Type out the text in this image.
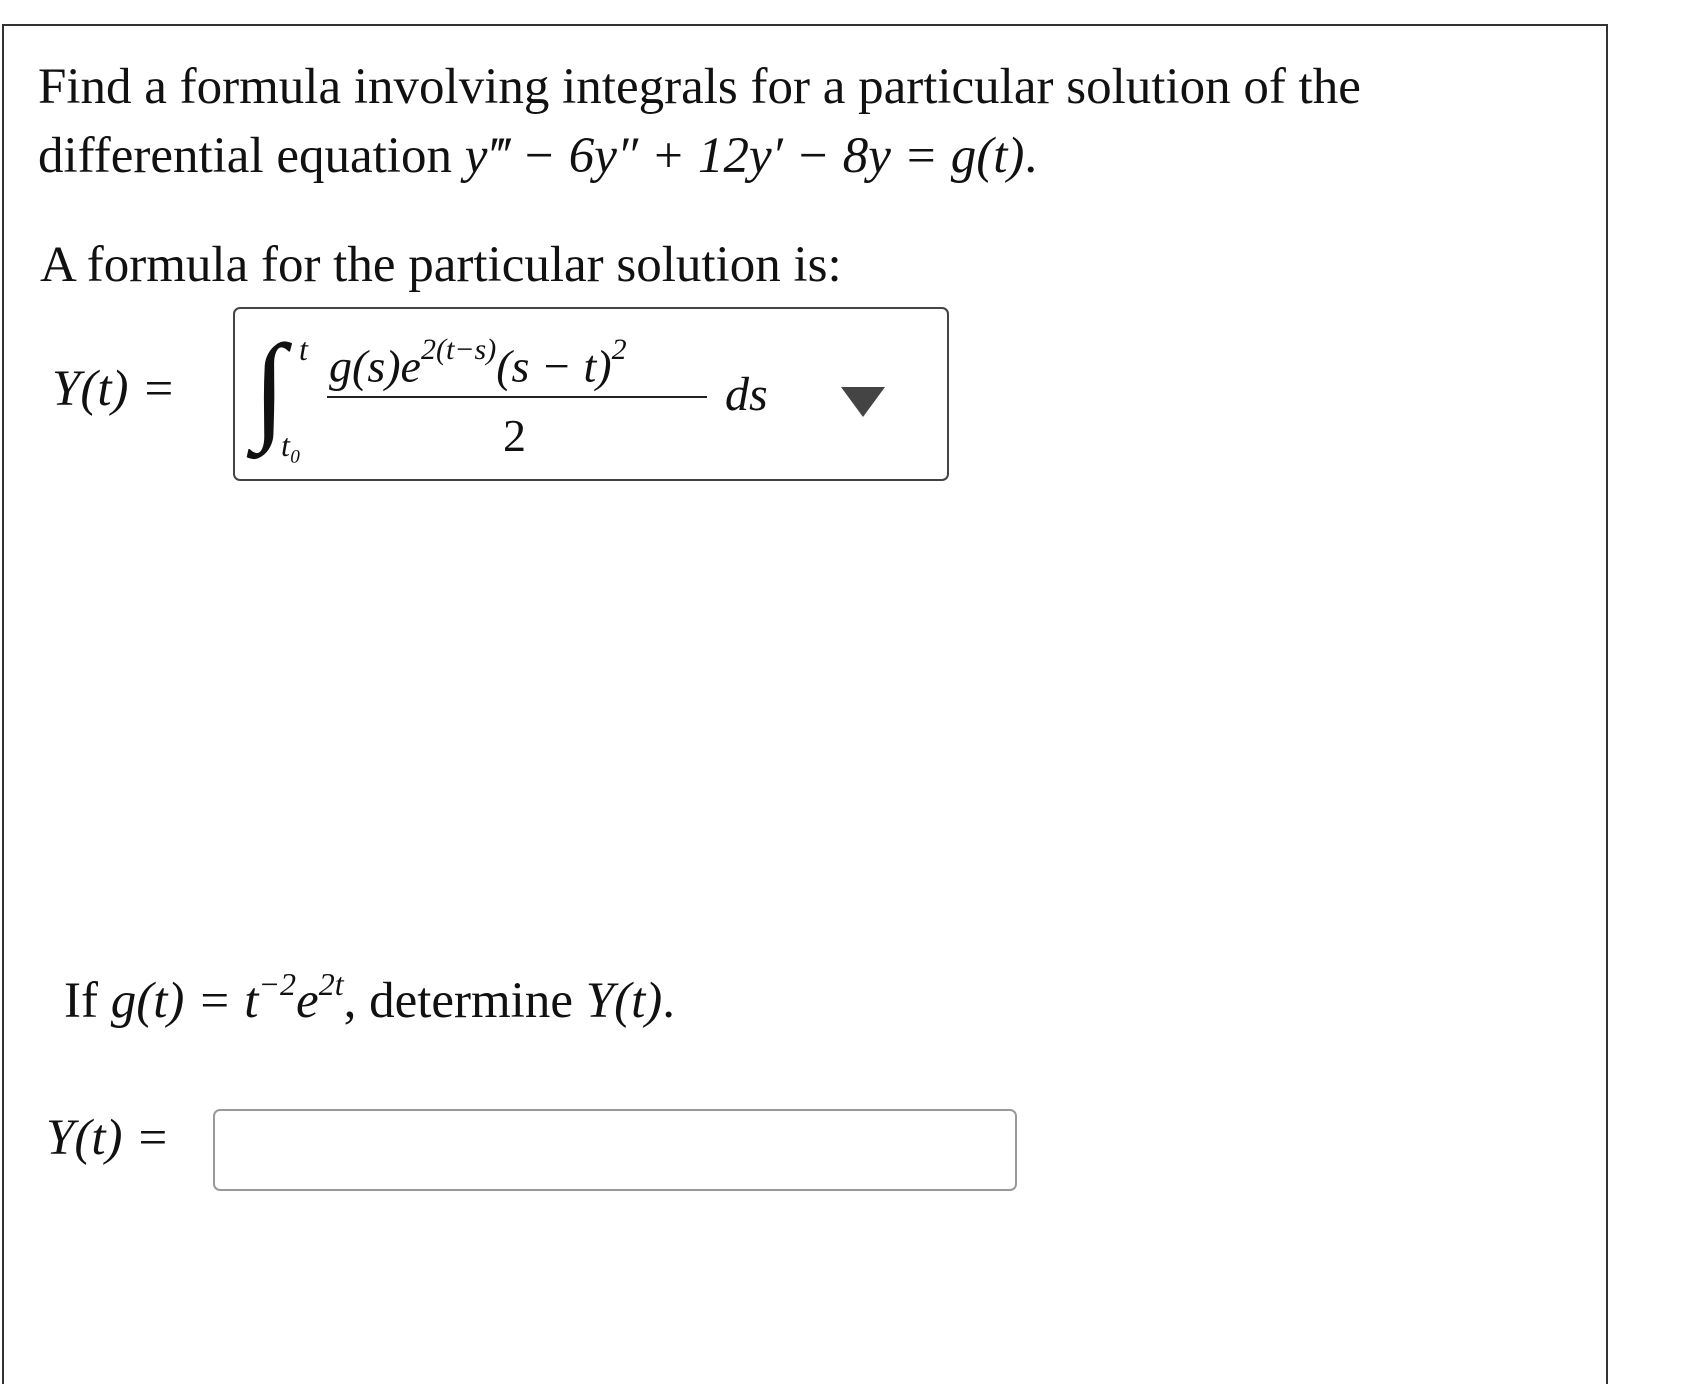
Find a formula involving integrals for a particular solution of the
differential equation y‴ − 6y″ + 12y′ − 8y = g(t).
A formula for the particular solution is:
Y(t) = ∫ t
t₀
$g(s)e^{2(t-s)}(s - t)^2$
2
ds
If $g(t) = t^{-2}e^{2t}$, determine Y(t).
Y(t) =
